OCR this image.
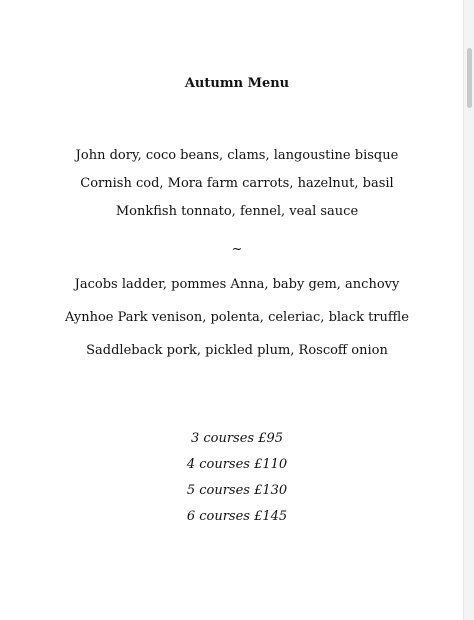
Autumn Menu
John dory, coco beans, clams, langoustine bisque
Cornish cod, Mora farm carrots, hazelnut, basil
Monkfish tonnato, fennel, veal sauce
~
Jacobs ladder, pommes Anna, baby gem, anchovy
Aynhoe Park venison, polenta, celeriac, black truffle
Saddleback pork, pickled plum, Roscoff onion
3 courses £95
4 courses £110
5 courses £130
6 courses £145
